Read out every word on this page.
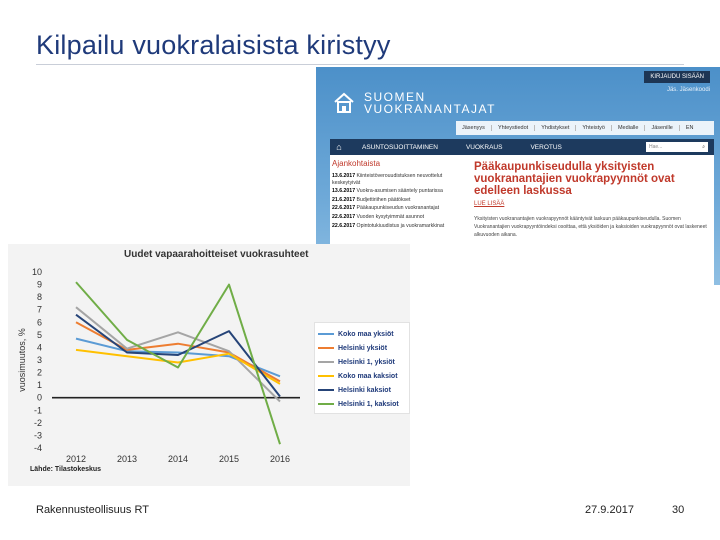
Kilpailu vuokralaisista kiristyy
KIRJAUDU SISÄÄN
Jäs. Jäsenkoodi
SUOMEN
VUOKRANANTAJAT
Jäsenyys	Yhteystiedot	Yhdistykset	Yhteistyö	Medialle	Jäsenille	EN
⌂	ASUNTOSIJOITTAMINEN	VUOKRAUS	VEROTUS	Hae...	⌕
Ajankohtaista
13.6.2017 Kiinteistöverouudistuksen neuvottelut keskeytyivät
13.6.2017 Vuokra-asumisen sääntely puntarissa
21.6.2017 Budjettiriihen päätökset
22.6.2017 Pääkaupunkiseudun vuokranantajat
22.6.2017 Vuoden kysytyimmät asunnot
22.6.2017 Opintotukiuudistus ja vuokramarkkinat
Pääkaupunkiseudulla yksityisten vuokranantajien vuokrapyynnöt ovat edelleen laskussa
LUE LISÄÄ
Yksityisten vuokranantajien vuokrapyynnöt kääntyivät laskuun pääkaupunkiseudulla. Suomen Vuokranantajien vuokrapyyntöindeksi osoittaa, että yksiöiden ja kaksioiden vuokrapyynnöt ovat laskeneet alkuvuoden aikana.
10
9
8
7
6
5
4
3
2
1
0
-1
-2
-3
-4
vuosimuutos, %
2012	2013	2014	2015	2016
Uudet vapaarahoitteiset vuokrasuhteet
Lähde: Tilastokeskus
Koko maa yksiöt
Helsinki yksiöt
Helsinki 1, yksiöt
Koko maa kaksiot
Helsinki kaksiot
Helsinki 1, kaksiot
Rakennusteollisuus RT	27.9.2017	30
